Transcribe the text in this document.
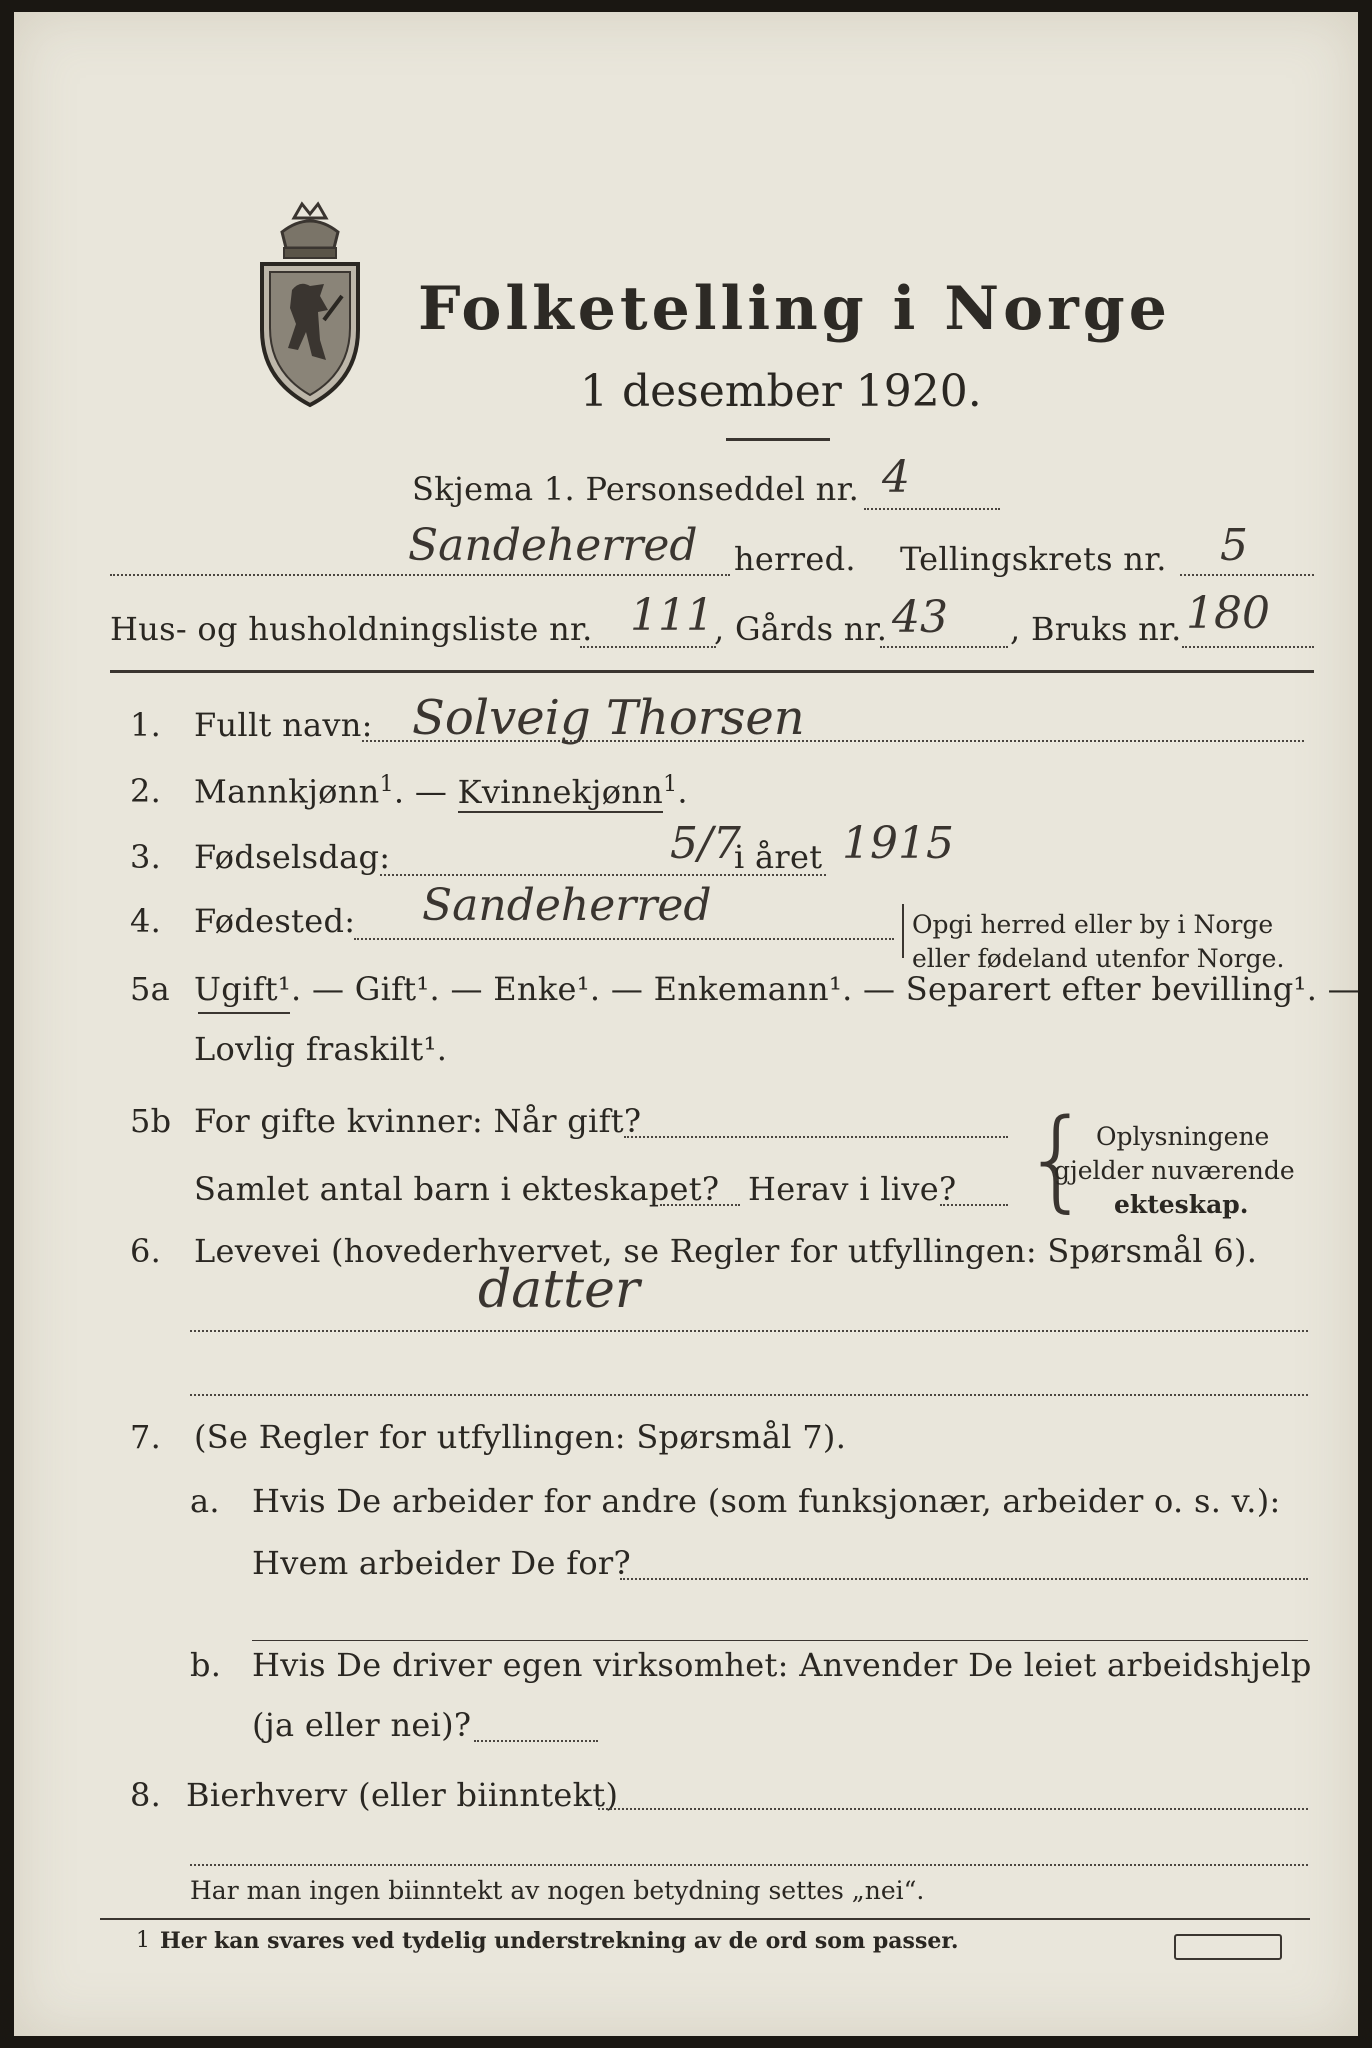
Folketelling i Norge
1 desember 1920.
Skjema 1. Personseddel nr. 4
Sandeherred herred. Tellingskrets nr. 5
Hus- og husholdningsliste nr. 111 , Gårds nr. 43 , Bruks nr. 180
1. Fullt navn: Solveig Thorsen
2. Mannkjønn$^1$. — Kvinnekjønn$^1$.
3. Fødselsdag:	5/7
i året 1915
4. Fødested: Sandeherred	Opgi herred eller by i Norge
eller fødeland utenfor Norge.
5a Ugift¹. — Gift¹. — Enke¹. — Enkemann¹. — Separert efter bevilling¹. —
Lovlig fraskilt¹.
5b For gifte kvinner: Når gift?
Samlet antal barn i ekteskapet? Herav i live? { Oplysningene
gjelder nuværende
ekteskap.
6. Levevei (hovederhvervet, se Regler for utfyllingen: Spørsmål 6).
datter
7. (Se Regler for utfyllingen: Spørsmål 7).
a. Hvis De arbeider for andre (som funksjonær, arbeider o. s. v.):
Hvem arbeider De for?
b. Hvis De driver egen virksomhet: Anvender De leiet arbeidshjelp
(ja eller nei)?
8. Bierhverv (eller biinntekt)
Har man ingen biinntekt av nogen betydning settes „nei“.
1 Her kan svares ved tydelig understrekning av de ord som passer.
